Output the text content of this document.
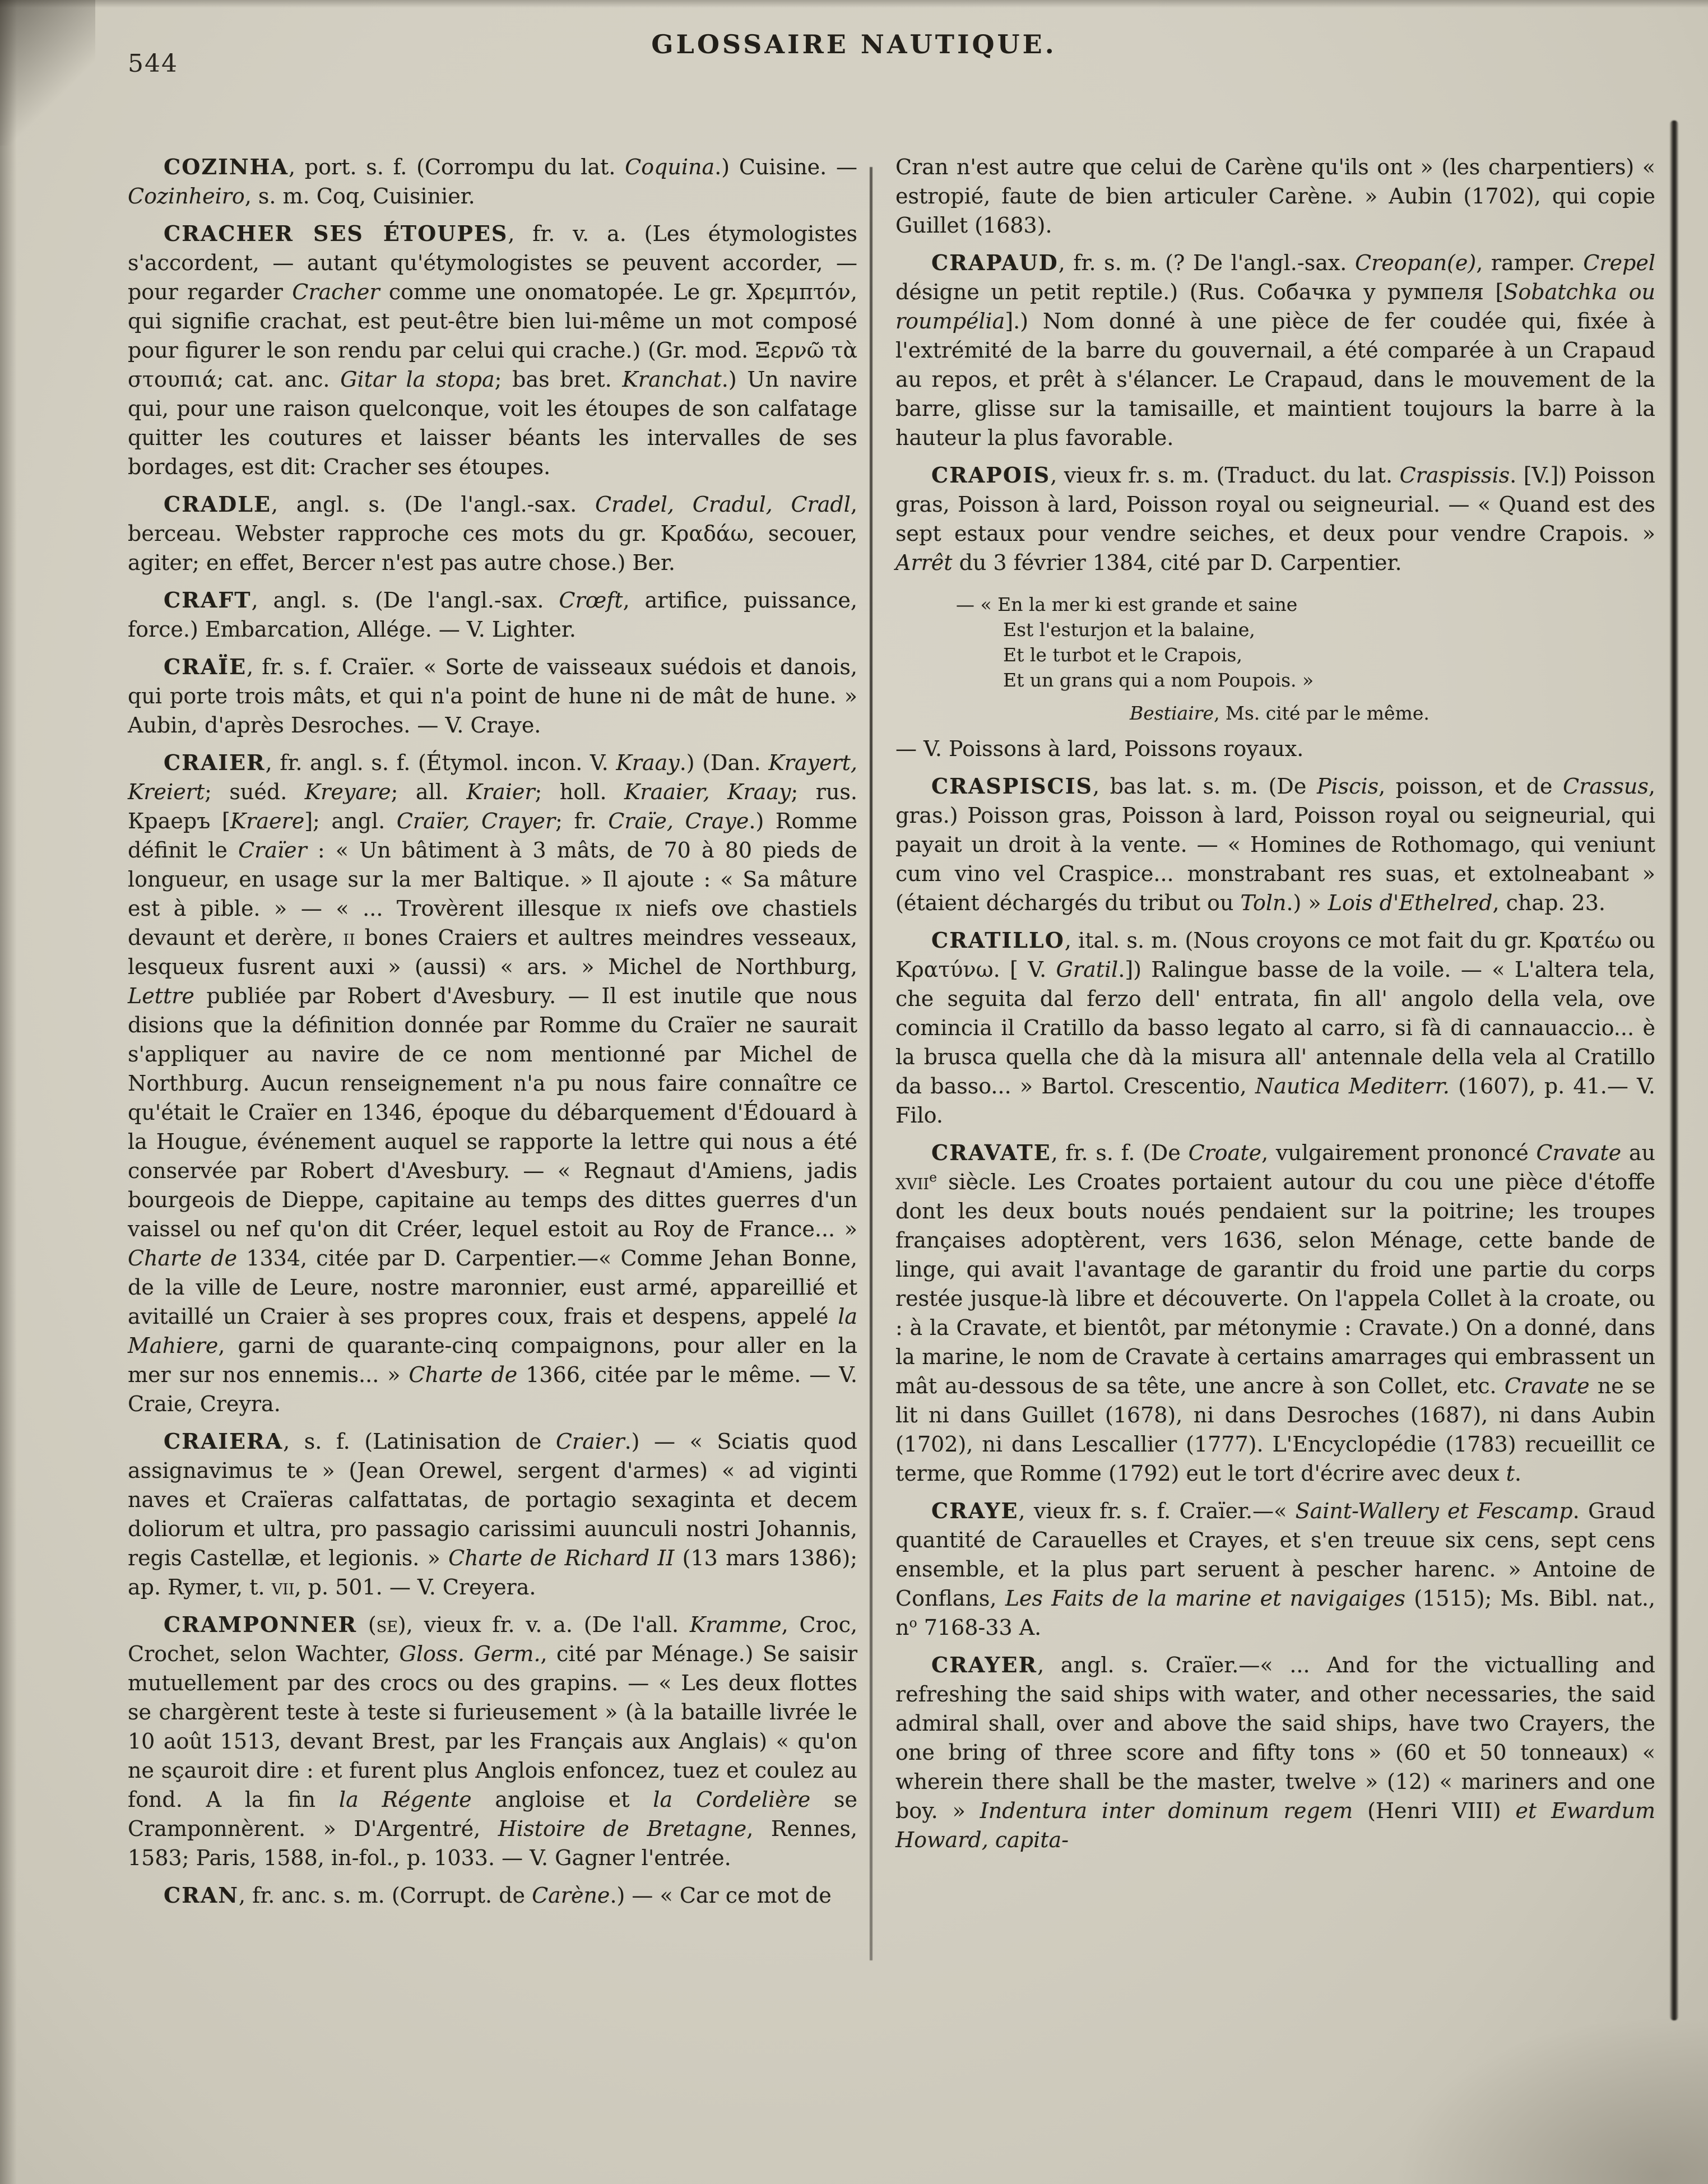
544
GLOSSAIRE NAUTIQUE.

COZINHA, port. s. f. (Corrompu du lat. Coquina.) Cuisine. — Cozinheiro, s. m. Coq, Cuisinier.

CRACHER SES ÉTOUPES, fr. v. a. (Les étymologistes s'accordent, — autant qu'étymologistes se peuvent accorder, — pour regarder Cracher comme une onomatopée. Le gr. Χρεμπτόν, qui signifie crachat, est peut-être bien lui-même un mot composé pour figurer le son rendu par celui qui crache.) (Gr. mod. Ξερνῶ τὰ στουπιά; cat. anc. Gitar la stopa; bas bret. Kranchat.) Un navire qui, pour une raison quelconque, voit les étoupes de son calfatage quitter les coutures et laisser béants les intervalles de ses bordages, est dit: Cracher ses étoupes.

CRADLE, angl. s. (De l'angl.-sax. Cradel, Cradul, Cradl, berceau. Webster rapproche ces mots du gr. Κραδάω, secouer, agiter; en effet, Bercer n'est pas autre chose.) Ber.

CRAFT, angl. s. (De l'angl.-sax. Crœft, artifice, puissance, force.) Embarcation, Allége. — V. Lighter.

CRAÏE, fr. s. f. Craïer. « Sorte de vaisseaux suédois et danois, qui porte trois mâts, et qui n'a point de hune ni de mât de hune. » Aubin, d'après Desroches. — V. Craye.

CRAIER, fr. angl. s. f. (Étymol. incon. V. Kraay.) (Dan. Krayert, Kreiert; suéd. Kreyare; all. Kraier; holl. Kraaier, Kraay; rus. Краеръ [Kraere]; angl. Craïer, Crayer; fr. Craïe, Craye.) Romme définit le Craïer : « Un bâtiment à 3 mâts, de 70 à 80 pieds de longueur, en usage sur la mer Baltique. » Il ajoute : « Sa mâture est à pible. » — « ... Trovèrent illesque ix niefs ove chastiels devaunt et derère, ii bones Craiers et aultres meindres vesseaux, lesqueux fusrent auxi » (aussi) « ars. » Michel de Northburg, Lettre publiée par Robert d'Avesbury. — Il est inutile que nous disions que la définition donnée par Romme du Craïer ne saurait s'appliquer au navire de ce nom mentionné par Michel de Northburg. Aucun renseignement n'a pu nous faire connaître ce qu'était le Craïer en 1346, époque du débarquement d'Édouard à la Hougue, événement auquel se rapporte la lettre qui nous a été conservée par Robert d'Avesbury. — « Regnaut d'Amiens, jadis bourgeois de Dieppe, capitaine au temps des dittes guerres d'un vaissel ou nef qu'on dit Créer, lequel estoit au Roy de France... » Charte de 1334, citée par D. Carpentier.—« Comme Jehan Bonne, de la ville de Leure, nostre maronnier, eust armé, appareillié et avitaillé un Craier à ses propres coux, frais et despens, appelé la Mahiere, garni de quarante-cinq compaignons, pour aller en la mer sur nos ennemis... » Charte de 1366, citée par le même. — V. Craie, Creyra.

CRAIERA, s. f. (Latinisation de Craier.) — « Sciatis quod assignavimus te » (Jean Orewel, sergent d'armes) « ad viginti naves et Craïeras calfattatas, de portagio sexaginta et decem doliorum et ultra, pro passagio carissimi auunculi nostri Johannis, regis Castellæ, et legionis. » Charte de Richard II (13 mars 1386); ap. Rymer, t. vii, p. 501. — V. Creyera.

CRAMPONNER (se), vieux fr. v. a. (De l'all. Kramme, Croc, Crochet, selon Wachter, Gloss. Germ., cité par Ménage.) Se saisir mutuellement par des crocs ou des grapins. — « Les deux flottes se chargèrent teste à teste si furieusement » (à la bataille livrée le 10 août 1513, devant Brest, par les Français aux Anglais) « qu'on ne sçauroit dire : et furent plus Anglois enfoncez, tuez et coulez au fond. A la fin la Régente angloise et la Cordelière se Cramponnèrent. » D'Argentré, Histoire de Bretagne, Rennes, 1583; Paris, 1588, in-fol., p. 1033. — V. Gagner l'entrée.

CRAN, fr. anc. s. m. (Corrupt. de Carène.) — « Car ce mot de

Cran n'est autre que celui de Carène qu'ils ont » (les charpentiers) « estropié, faute de bien articuler Carène. » Aubin (1702), qui copie Guillet (1683).

CRAPAUD, fr. s. m. (? De l'angl.-sax. Creopan(e), ramper. Crepel désigne un petit reptile.) (Rus. Собачка у румпеля [Sobatchka ou roumpélia].) Nom donné à une pièce de fer coudée qui, fixée à l'extrémité de la barre du gouvernail, a été comparée à un Crapaud au repos, et prêt à s'élancer. Le Crapaud, dans le mouvement de la barre, glisse sur la tamisaille, et maintient toujours la barre à la hauteur la plus favorable.

CRAPOIS, vieux fr. s. m. (Traduct. du lat. Craspissis. [V.]) Poisson gras, Poisson à lard, Poisson royal ou seigneurial. — « Quand est des sept estaux pour vendre seiches, et deux pour vendre Crapois. » Arrêt du 3 février 1384, cité par D. Carpentier.

— « En la mer ki est grande et saine
Est l'esturjon et la balaine,
Et le turbot et le Crapois,
Et un grans qui a nom Poupois. »
Bestiaire, Ms. cité par le même.

— V. Poissons à lard, Poissons royaux.

CRASPISCIS, bas lat. s. m. (De Piscis, poisson, et de Crassus, gras.) Poisson gras, Poisson à lard, Poisson royal ou seigneurial, qui payait un droit à la vente. — « Homines de Rothomago, qui veniunt cum vino vel Craspice... monstrabant res suas, et extolneabant » (étaient déchargés du tribut ou Toln.) » Lois d'Ethelred, chap. 23.

CRATILLO, ital. s. m. (Nous croyons ce mot fait du gr. Κρατέω ou Κρατύνω. [ V. Gratil.]) Ralingue basse de la voile. — « L'altera tela, che seguita dal ferzo dell' entrata, fin all' angolo della vela, ove comincia il Cratillo da basso legato al carro, si fà di cannauaccio... è la brusca quella che dà la misura all' antennale della vela al Cratillo da basso... » Bartol. Crescentio, Nautica Mediterr. (1607), p. 41.— V. Filo.

CRAVATE, fr. s. f. (De Croate, vulgairement prononcé Cravate au xvii$^e$ siècle. Les Croates portaient autour du cou une pièce d'étoffe dont les deux bouts noués pendaient sur la poitrine; les troupes françaises adoptèrent, vers 1636, selon Ménage, cette bande de linge, qui avait l'avantage de garantir du froid une partie du corps restée jusque-là libre et découverte. On l'appela Collet à la croate, ou : à la Cravate, et bientôt, par métonymie : Cravate.) On a donné, dans la marine, le nom de Cravate à certains amarrages qui embrassent un mât au-dessous de sa tête, une ancre à son Collet, etc. Cravate ne se lit ni dans Guillet (1678), ni dans Desroches (1687), ni dans Aubin (1702), ni dans Lescallier (1777). L'Encyclopédie (1783) recueillit ce terme, que Romme (1792) eut le tort d'écrire avec deux t.

CRAYE, vieux fr. s. f. Craïer.—« Saint-Wallery et Fescamp. Graud quantité de Carauelles et Crayes, et s'en treuue six cens, sept cens ensemble, et la plus part seruent à pescher harenc. » Antoine de Conflans, Les Faits de la marine et navigaiges (1515); Ms. Bibl. nat., $n^o$ 7168-33 A.

CRAYER, angl. s. Craïer.—« ... And for the victualling and refreshing the said ships with water, and other necessaries, the said admiral shall, over and above the said ships, have two Crayers, the one bring of three score and fifty tons » (60 et 50 tonneaux) « wherein there shall be the master, twelve » (12) « mariners and one boy. » Indentura inter dominum regem (Henri VIII) et Ewardum Howard, capita-
